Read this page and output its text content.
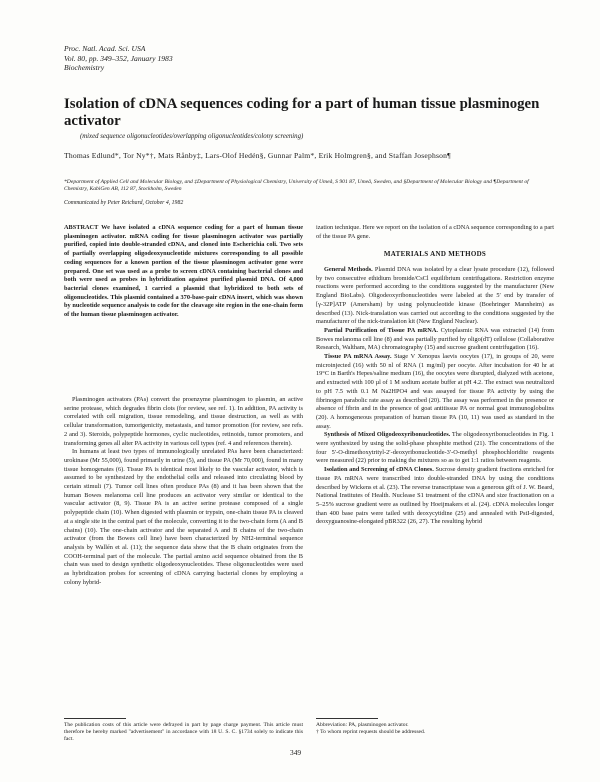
Proc. Natl. Acad. Sci. USA
Vol. 80, pp. 349–352, January 1983
Biochemistry
Isolation of cDNA sequences coding for a part of human tissue plasminogen activator
(mixed sequence oligonucleotides/overlapping oligonucleotides/colony screening)
Thomas Edlund*, Tor Ny*†, Mats Rånby‡, Lars-Olof Hedén§, Gunnar Palm*, Erik Holmgren§, and Staffan Josephson¶
*Department of Applied Cell and Molecular Biology, and ‡Department of Physiological Chemistry, University of Umeå, S 901 87, Umeå, Sweden, and §Department of Molecular Biology and ¶Department of Chemistry, KabiGen AB, 112 87, Stockholm, Sweden
Communicated by Peter Reichard, October 4, 1982
ABSTRACT We have isolated a cDNA sequence coding for a part of human tissue plasminogen activator. mRNA coding for tissue plasminogen activator was partially purified, copied into double-stranded cDNA, and cloned into Escherichia coli. Two sets of partially overlapping oligodeoxynucleotide mixtures corresponding to all possible coding sequences for a known portion of the tissue plasminogen activator gene were prepared. One set was used as a probe to screen cDNA containing bacterial clones and both were used as probes in hybridization against purified plasmid DNA. Of 4,000 bacterial clones examined, 1 carried a plasmid that hybridized to both sets of oligonucleotides. This plasmid contained a 370-base-pair cDNA insert, which was shown by nucleotide sequence analysis to code for the cleavage site region in the one-chain form of the human tissue plasminogen activator.

Plasminogen activators (PAs) convert the proenzyme plasminogen to plasmin, an active serine protease, which degrades fibrin clots (for review, see ref. 1). In addition, PA activity is correlated with cell migration, tissue remodeling, and tissue destruction, as well as with cellular transformation, tumorigenicity, metastasis, and tumor promotion (for review, see refs. 2 and 3). Steroids, polypeptide hormones, cyclic nucleotides, retinoids, tumor promoters, and transforming genes all alter PA activity in various cell types (ref. 4 and references therein).

In humans at least two types of immunologically unrelated PAs have been characterized: urokinase (Mr 55,000), found primarily in urine (5), and tissue PA (Mr 70,000), found in many tissue homogenates (6). Tissue PA is identical most likely to the vascular activator, which is assumed to be synthesized by the endothelial cells and released into circulating blood by certain stimuli (7). Tumor cell lines often produce PAs (8) and it has been shown that the human Bowes melanoma cell line produces an activator very similar or identical to the vascular activator (8, 9). Tissue PA is an active serine protease composed of a single polypeptide chain (10). When digested with plasmin or trypsin, one-chain tissue PA is cleaved at a single site in the central part of the molecule, converting it to the two-chain form (A and B chains) (10). The one-chain activator and the separated A and B chains of the two-chain activator (from the Bowes cell line) have been characterized by NH2-terminal sequence analysis by Wallén et al. (11); the sequence data show that the B chain originates from the COOH-terminal part of the molecule. The partial amino acid sequence obtained from the B chain was used to design synthetic oligodeoxynucleotides. These oligonucleotides were used as hybridization probes for screening of cDNA carrying bacterial clones by employing a colony hybrid-

ization technique. Here we report on the isolation of a cDNA sequence corresponding to a part of the tissue PA gene.
MATERIALS AND METHODS

General Methods. Plasmid DNA was isolated by a clear lysate procedure (12), followed by two consecutive ethidium bromide/CsCl equilibrium centrifugations. Restriction enzyme reactions were performed according to the conditions suggested by the manufacturer (New England BioLabs). Oligodeoxyribonucleotides were labeled at the 5′ end by transfer of [γ-32P]ATP (Amersham) by using polynucleotide kinase (Boehringer Mannheim) as described (13). Nick-translation was carried out according to the conditions suggested by the manufacturer of the nick-translation kit (New England Nuclear).

Partial Purification of Tissue PA mRNA. Cytoplasmic RNA was extracted (14) from Bowes melanoma cell line (8) and was partially purified by oligo(dT) cellulose (Collaborative Research, Waltham, MA) chromatography (15) and sucrose gradient centrifugation (16).

Tissue PA mRNA Assay. Stage V Xenopus laevis oocytes (17), in groups of 20, were microinjected (16) with 50 nl of RNA (1 mg/ml) per oocyte. After incubation for 40 hr at 19°C in Barth's Hepes/saline medium (16), the oocytes were disrupted, dialyzed with acetone, and extracted with 100 µl of 1 M sodium acetate buffer at pH 4.2. The extract was neutralized to pH 7.5 with 0.1 M Na2HPO4 and was assayed for tissue PA activity by using the fibrinogen parabolic rate assay as described (20). The assay was performed in the presence or absence of fibrin and in the presence of goat antitissue PA or normal goat immunoglobulins (20). A homogeneous preparation of human tissue PA (10, 11) was used as standard in the assay.

Synthesis of Mixed Oligodeoxyribonucleotides. The oligodeoxyribonucleotides in Fig. 1 were synthesized by using the solid-phase phosphite method (21). The concentrations of the four 5′-O-dimethoxytrityl-2′-deoxyribonucleotide-3′-O-methyl phosphochloridite reagents were measured (22) prior to making the mixtures so as to get 1:1 ratios between reagents.

Isolation and Screening of cDNA Clones. Sucrose density gradient fractions enriched for tissue PA mRNA were transcribed into double-stranded DNA by using the conditions described by Wickens et al. (23). The reverse transcriptase was a generous gift of J. W. Beard, National Institutes of Health. Nuclease S1 treatment of the cDNA and size fractionation on a 5–25% sucrose gradient were as outlined by Hoeijmakers et al. (24). cDNA molecules longer than 400 base pairs were tailed with deoxycytidine (25) and annealed with PstI-digested, deoxyguanosine-elongated pBR322 (26, 27). The resulting hybrid

The publication costs of this article were defrayed in part by page charge payment. This article must therefore be hereby marked "advertisement" in accordance with 18 U. S. C. §1734 solely to indicate this fact.
Abbreviation: PA, plasminogen activator.
† To whom reprint requests should be addressed.
349
